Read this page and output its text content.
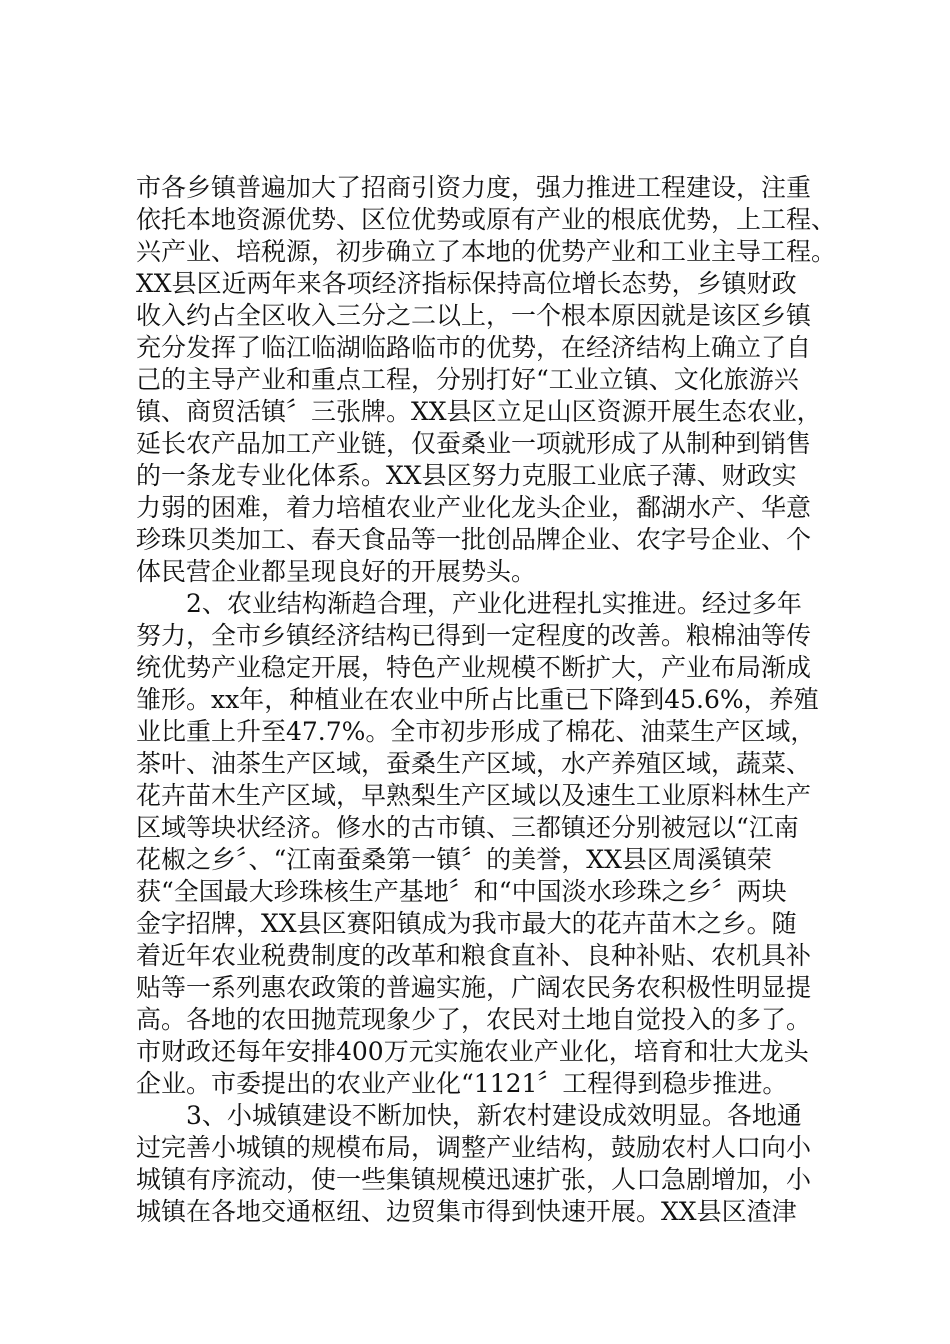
市各乡镇普遍加大了招商引资力度，强力推进工程建设，注重
依托本地资源优势、区位优势或原有产业的根底优势，上工程、
兴产业、培税源，初步确立了本地的优势产业和工业主导工程。
XX县区近两年来各项经济指标保持高位增长态势，乡镇财政
收入约占全区收入三分之二以上，一个根本原因就是该区乡镇
充分发挥了临江临湖临路临市的优势，在经济结构上确立了自
己的主导产业和重点工程，分别打好“工业立镇、文化旅游兴
镇、商贸活镇〞三张牌。XX县区立足山区资源开展生态农业，
延长农产品加工产业链，仅蚕桑业一项就形成了从制种到销售
的一条龙专业化体系。XX县区努力克服工业底子薄、财政实
力弱的困难，着力培植农业产业化龙头企业，鄱湖水产、华意
珍珠贝类加工、春天食品等一批创品牌企业、农字号企业、个
体民营企业都呈现良好的开展势头。
2、农业结构渐趋合理，产业化进程扎实推进。经过多年
努力，全市乡镇经济结构已得到一定程度的改善。粮棉油等传
统优势产业稳定开展，特色产业规模不断扩大，产业布局渐成
雏形。xx年，种植业在农业中所占比重已下降到45.6%，养殖
业比重上升至47.7%。全市初步形成了棉花、油菜生产区域，
茶叶、油茶生产区域，蚕桑生产区域，水产养殖区域，蔬菜、
花卉苗木生产区域，早熟梨生产区域以及速生工业原料林生产
区域等块状经济。修水的古市镇、三都镇还分别被冠以“江南
花椒之乡〞、“江南蚕桑第一镇〞的美誉，XX县区周溪镇荣
获“全国最大珍珠核生产基地〞和“中国淡水珍珠之乡〞两块
金字招牌，XX县区赛阳镇成为我市最大的花卉苗木之乡。随
着近年农业税费制度的改革和粮食直补、良种补贴、农机具补
贴等一系列惠农政策的普遍实施，广阔农民务农积极性明显提
高。各地的农田抛荒现象少了，农民对土地自觉投入的多了。
市财政还每年安排400万元实施农业产业化，培育和壮大龙头
企业。市委提出的农业产业化“1121〞工程得到稳步推进。
3、小城镇建设不断加快，新农村建设成效明显。各地通
过完善小城镇的规模布局，调整产业结构，鼓励农村人口向小
城镇有序流动，使一些集镇规模迅速扩张，人口急剧增加，小
城镇在各地交通枢纽、边贸集市得到快速开展。XX县区渣津
